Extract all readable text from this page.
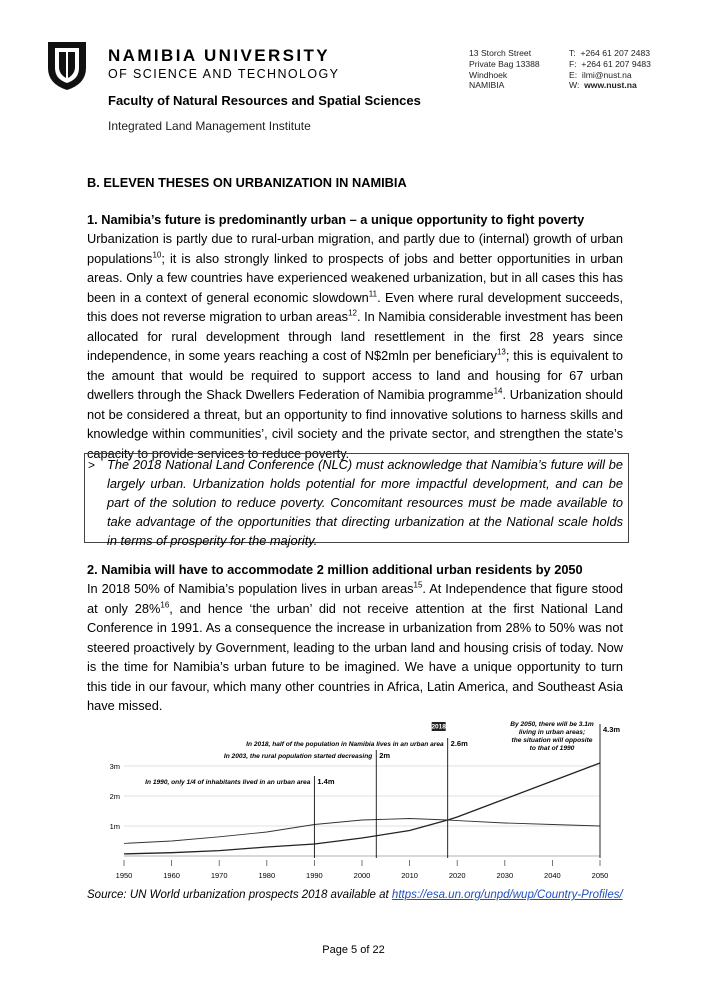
NAMIBIA UNIVERSITY
OF SCIENCE AND TECHNOLOGY
Faculty of Natural Resources and Spatial Sciences
Integrated Land Management Institute
13 Storch Street
Private Bag 13388
Windhoek
NAMIBIA
T: +264 61 207 2483
F: +264 61 207 9483
E: ilmi@nust.na
W: www.nust.na
B. ELEVEN THESES ON URBANIZATION IN NAMIBIA
1. Namibia’s future is predominantly urban – a unique opportunity to fight poverty

Urbanization is partly due to rural-urban migration, and partly due to (internal) growth of urban populations$^{10}$; it is also strongly linked to prospects of jobs and better opportunities in urban areas. Only a few countries have experienced weakened urbanization, but in all cases this has been in a context of general economic slowdown$^{11}$. Even where rural development succeeds, this does not reverse migration to urban areas$^{12}$. In Namibia considerable investment has been allocated for rural development through land resettlement in the first 28 years since independence, in some years reaching a cost of N$2mln per beneficiary$^{13}$; this is equivalent to the amount that would be required to support access to land and housing for 67 urban dwellers through the Shack Dwellers Federation of Namibia programme$^{14}$. Urbanization should not be considered a threat, but an opportunity to find innovative solutions to harness skills and knowledge within communities’, civil society and the private sector, and strengthen the state’s capacity to provide services to reduce poverty.

> The 2018 National Land Conference (NLC) must acknowledge that Namibia’s future will be largely urban. Urbanization holds potential for more impactful development, and can be part of the solution to reduce poverty. Concomitant resources must be made available to take advantage of the opportunities that directing urbanization at the National scale holds in terms of prosperity for the majority.
2. Namibia will have to accommodate 2 million additional urban residents by 2050

In 2018 50% of Namibia’s population lives in urban areas$^{15}$. At Independence that figure stood at only 28%$^{16}$, and hence ‘the urban’ did not receive attention at the first National Land Conference in 1991. As a consequence the increase in urbanization from 28% to 50% was not steered proactively by Government, leading to the urban land and housing crisis of today. Now is the time for Namibia’s urban future to be imagined. We have a unique opportunity to turn this tide in our favour, which many other countries in Africa, Latin America, and Southeast Asia have missed.

1m
2m
3m
1950	1960	1970	1980	1990	2000	2010	2020	2030	2040	2050
1.4m
In 1990, only 1/4 of inhabitants lived in an urban area
2m
In 2003, the rural population started decreasing
2.6m
In 2018, half of the population in Namibia lives in an urban area
2018	4.3m
By 2050, there will be 3.1m
living in urban areas;
the situation will opposite
to that of 1990
Source: UN World urbanization prospects 2018 available at https://esa.un.org/unpd/wup/Country-Profiles/
Page 5 of 22
